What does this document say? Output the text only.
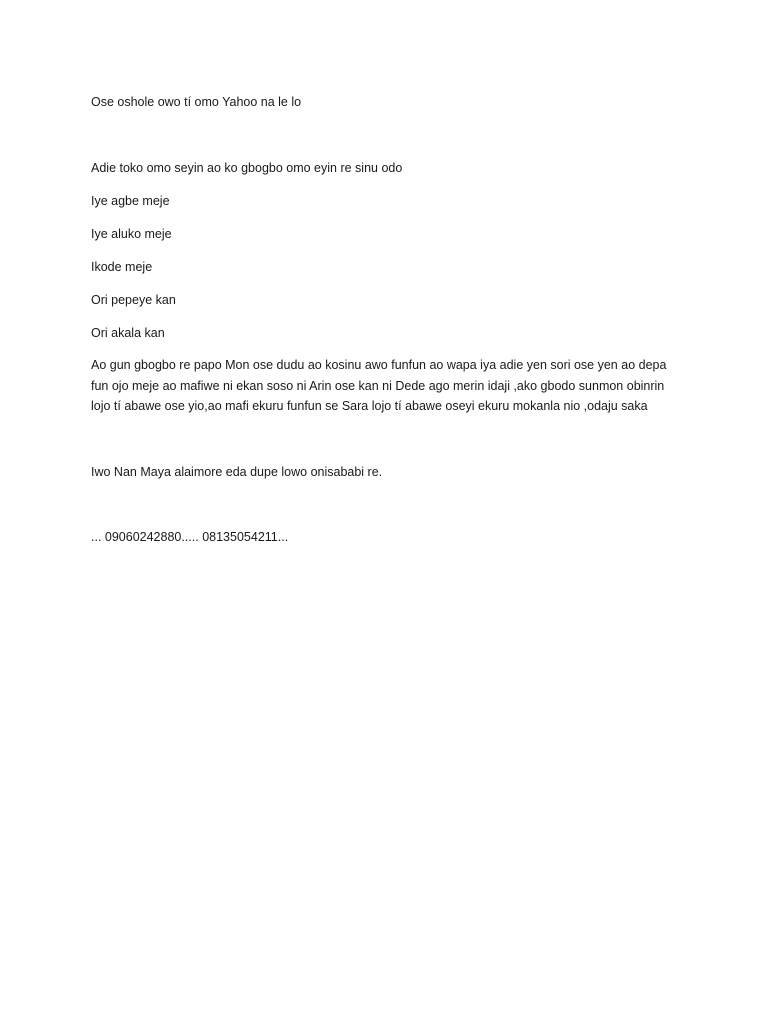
Ose oshole owo tí omo Yahoo na le lo

Adie toko omo seyin ao ko gbogbo omo eyin re sinu odo

Iye agbe meje

Iye aluko meje

Ikode meje

Ori pepeye kan

Ori akala kan

Ao gun gbogbo re papo Mon ose dudu ao kosinu awo funfun ao wapa iya adie yen sori ose yen ao depa
fun ojo meje ao mafiwe ni ekan soso ni Arin ose kan ni Dede ago merin idaji ,ako gbodo sunmon obinrin
lojo tí abawe ose yio,ao mafi ekuru funfun se Sara lojo tí abawe oseyi ekuru mokanla nio ,odaju saka

Iwo Nan Maya alaimore eda dupe lowo onisababi re.

... 09060242880..... 08135054211...
